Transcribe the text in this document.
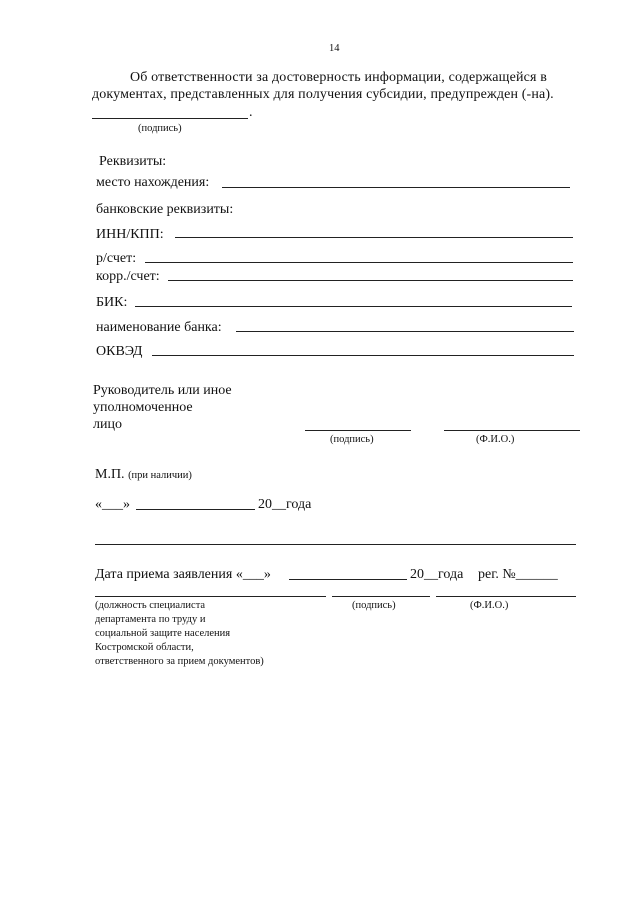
14
Об ответственности за достоверность информации, содержащейся в
документах, представленных для получения субсидии, предупрежден (-на).
.
(подпись)
Реквизиты:
место нахождения:
банковские реквизиты:
ИНН/КПП:
р/счет:
корр./счет:
БИК:
наименование банка:
ОКВЭД
Руководитель или иное
уполномоченное
лицо
(подпись)	(Ф.И.О.)
М.П. (при наличии)
«___»	20__года
Дата приема заявления «___»	20__года рег. №______
(должность специалиста
департамента по труду и
социальной защите населения
Костромской области,
ответственного за прием документов)
(подпись)	(Ф.И.О.)
